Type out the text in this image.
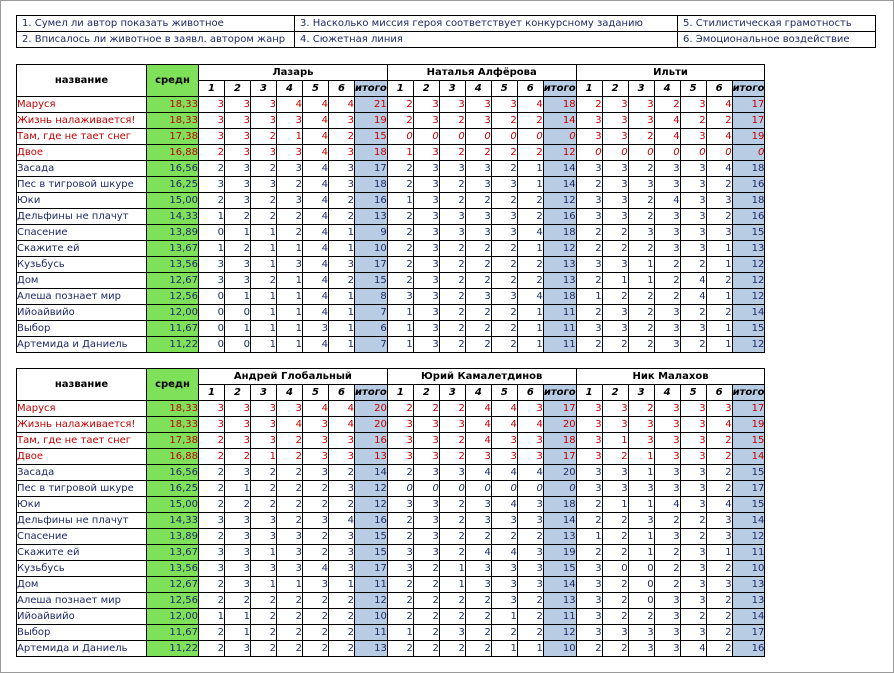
1. Сумел ли автор показать животное	3. Насколько миссия героя соответствует конкурсному заданию	5. Стилистическая грамотность
2. Вписалось ли животное в заявл. автором жанр	4. Сюжетная линия	6. Эмоциональное воздействие
название	средн	Лазарь							Наталья Алфёрова							Ильти						
		1	2	3	4	5	6	итого	1	2	3	4	5	6	итого	1	2	3	4	5	6	итого
Маруся	18,33	3	3	3	4	4	4	21	2	3	3	3	3	4	18	2	3	3	2	3	4	17
Жизнь налаживается!	18,33	3	3	3	3	4	3	19	2	3	2	3	2	2	14	3	3	3	4	2	2	17
Там, где не тает снег	17,38	3	3	2	1	4	2	15	0	0	0	0	0	0	0	3	3	2	4	3	4	19
Двое	16,88	2	3	3	3	4	3	18	1	3	2	2	2	2	12	0	0	0	0	0	0	0
Засада	16,56	2	3	2	3	4	3	17	2	3	3	3	2	1	14	3	3	2	3	3	4	18
Пес в тигровой шкуре	16,25	3	3	3	2	4	3	18	2	3	2	3	3	1	14	2	3	3	3	3	2	16
Юки	15,00	2	3	2	3	4	2	16	1	3	2	2	2	2	12	3	3	2	4	3	3	18
Дельфины не плачут	14,33	1	2	2	2	4	2	13	2	3	3	3	3	2	16	3	3	2	3	3	2	16
Спасение	13,89	0	1	1	2	4	1	9	2	3	3	3	3	4	18	2	2	3	3	3	3	15
Скажите ей	13,67	1	2	1	1	4	1	10	2	3	2	2	2	1	12	2	2	2	3	3	1	13
Кузьбусь	13,56	3	3	1	3	4	3	17	2	3	2	2	2	2	13	3	3	1	2	2	1	12
Дом	12,67	3	3	2	1	4	2	15	2	3	2	2	2	2	13	2	1	1	2	4	2	12
Алеша познает мир	12,56	0	1	1	1	4	1	8	3	3	2	3	3	4	18	1	2	2	2	4	1	12
Ийоайвийо	12,00	0	0	1	1	4	1	7	1	3	2	2	2	1	11	2	3	2	3	2	2	14
Выбор	11,67	0	1	1	1	3	1	6	1	3	2	2	2	1	11	3	3	2	3	3	1	15
Артемида и Даниель	11,22	0	0	1	1	4	1	7	1	3	2	2	2	1	11	2	2	2	3	2	1	12
название	средн	Андрей Глобальный							Юрий Камалетдинов							Ник Малахов						
		1	2	3	4	5	6	итого	1	2	3	4	5	6	итого	1	2	3	4	5	6	итого
Маруся	18,33	3	3	3	3	4	4	20	2	2	2	4	4	3	17	3	3	2	3	3	3	17
Жизнь налаживается!	18,33	3	3	3	4	3	4	20	3	3	3	4	4	4	20	3	3	3	3	3	4	19
Там, где не тает снег	17,38	2	3	3	2	3	3	16	3	3	2	4	3	3	18	3	1	3	3	3	2	15
Двое	16,88	2	2	1	2	3	3	13	3	3	2	3	3	3	17	3	2	1	3	3	2	14
Засада	16,56	2	3	2	2	3	2	14	2	3	3	4	4	4	20	3	3	1	3	3	2	15
Пес в тигровой шкуре	16,25	2	1	2	2	2	3	12	0	0	0	0	0	0	0	3	3	3	3	3	2	17
Юки	15,00	2	2	2	2	2	2	12	3	3	2	3	4	3	18	2	1	1	4	3	4	15
Дельфины не плачут	14,33	3	3	3	2	3	4	16	2	3	2	3	3	3	14	2	2	3	2	2	3	14
Спасение	13,89	2	3	3	3	2	3	15	2	3	2	2	2	2	13	1	2	1	3	2	3	12
Скажите ей	13,67	3	3	1	3	2	3	15	3	3	2	4	4	3	19	2	2	1	2	3	1	11
Кузьбусь	13,56	3	3	3	3	4	3	17	3	2	1	3	3	3	15	3	0	0	2	3	2	10
Дом	12,67	2	3	1	1	3	1	11	2	2	1	3	3	3	14	3	2	0	2	3	3	13
Алеша познает мир	12,56	2	2	2	2	2	2	12	2	2	2	2	3	2	13	3	2	0	3	3	2	13
Ийоайвийо	12,00	1	1	2	2	2	2	10	2	2	2	2	1	2	11	3	2	2	3	2	2	14
Выбор	11,67	2	1	2	2	2	2	11	1	2	3	2	2	2	12	3	3	3	3	3	2	17
Артемида и Даниель	11,22	2	3	2	2	2	2	13	2	2	2	2	1	1	10	2	2	3	3	4	2	16
